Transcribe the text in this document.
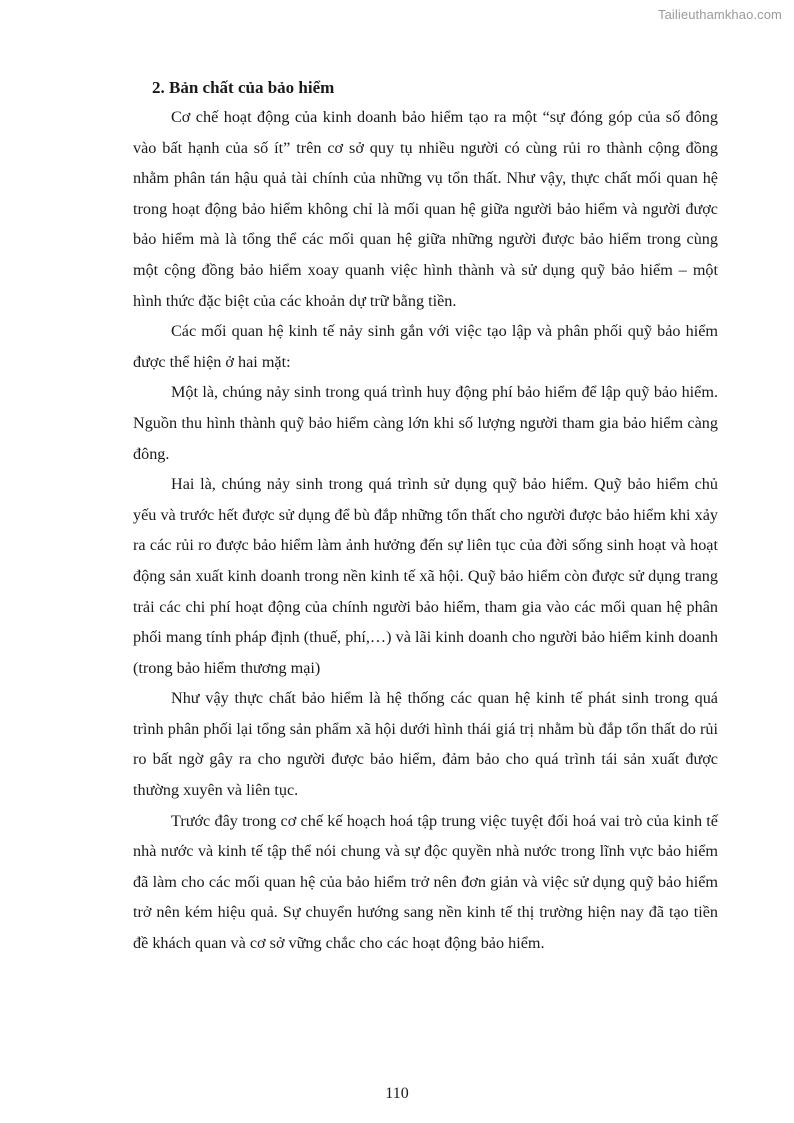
Tailieuthamkhao.com
2. Bản chất của bảo hiểm

Cơ chế hoạt động của kinh doanh bảo hiểm tạo ra một “sự đóng góp của số đông vào bất hạnh của số ít” trên cơ sở quy tụ nhiều người có cùng rủi ro thành cộng đồng nhằm phân tán hậu quả tài chính của những vụ tổn thất. Như vậy, thực chất mối quan hệ trong hoạt động bảo hiểm không chỉ là mối quan hệ giữa người bảo hiểm và người được bảo hiểm mà là tổng thể các mối quan hệ giữa những người được bảo hiểm trong cùng một cộng đồng bảo hiểm xoay quanh việc hình thành và sử dụng quỹ bảo hiểm – một hình thức đặc biệt của các khoản dự trữ bằng tiền.

Các mối quan hệ kinh tế nảy sinh gắn với việc tạo lập và phân phối quỹ bảo hiểm được thể hiện ở hai mặt:

Một là, chúng nảy sinh trong quá trình huy động phí bảo hiểm để lập quỹ bảo hiểm. Nguồn thu hình thành quỹ bảo hiểm càng lớn khi số lượng người tham gia bảo hiểm càng đông.

Hai là, chúng nảy sinh trong quá trình sử dụng quỹ bảo hiểm. Quỹ bảo hiểm chủ yếu và trước hết được sử dụng để bù đắp những tổn thất cho người được bảo hiểm khi xảy ra các rủi ro được bảo hiểm làm ảnh hưởng đến sự liên tục của đời sống sinh hoạt và hoạt động sản xuất kinh doanh trong nền kinh tế xã hội. Quỹ bảo hiểm còn được sử dụng trang trải các chi phí hoạt động của chính người bảo hiểm, tham gia vào các mối quan hệ phân phối mang tính pháp định (thuế, phí,…) và lãi kinh doanh cho người bảo hiểm kinh doanh (trong bảo hiểm thương mại)

Như vậy thực chất bảo hiểm là hệ thống các quan hệ kinh tế phát sinh trong quá trình phân phối lại tổng sản phẩm xã hội dưới hình thái giá trị nhằm bù đắp tổn thất do rủi ro bất ngờ gây ra cho người được bảo hiểm, đảm bảo cho quá trình tái sản xuất được thường xuyên và liên tục.

Trước đây trong cơ chế kế hoạch hoá tập trung việc tuyệt đối hoá vai trò của kinh tế nhà nước và kinh tế tập thể nói chung và sự độc quyền nhà nước trong lĩnh vực bảo hiểm đã làm cho các mối quan hệ của bảo hiểm trở nên đơn giản và việc sử dụng quỹ bảo hiểm trở nên kém hiệu quả. Sự chuyển hướng sang nền kinh tế thị trường hiện nay đã tạo tiền đề khách quan và cơ sở vững chắc cho các hoạt động bảo hiểm.

110
